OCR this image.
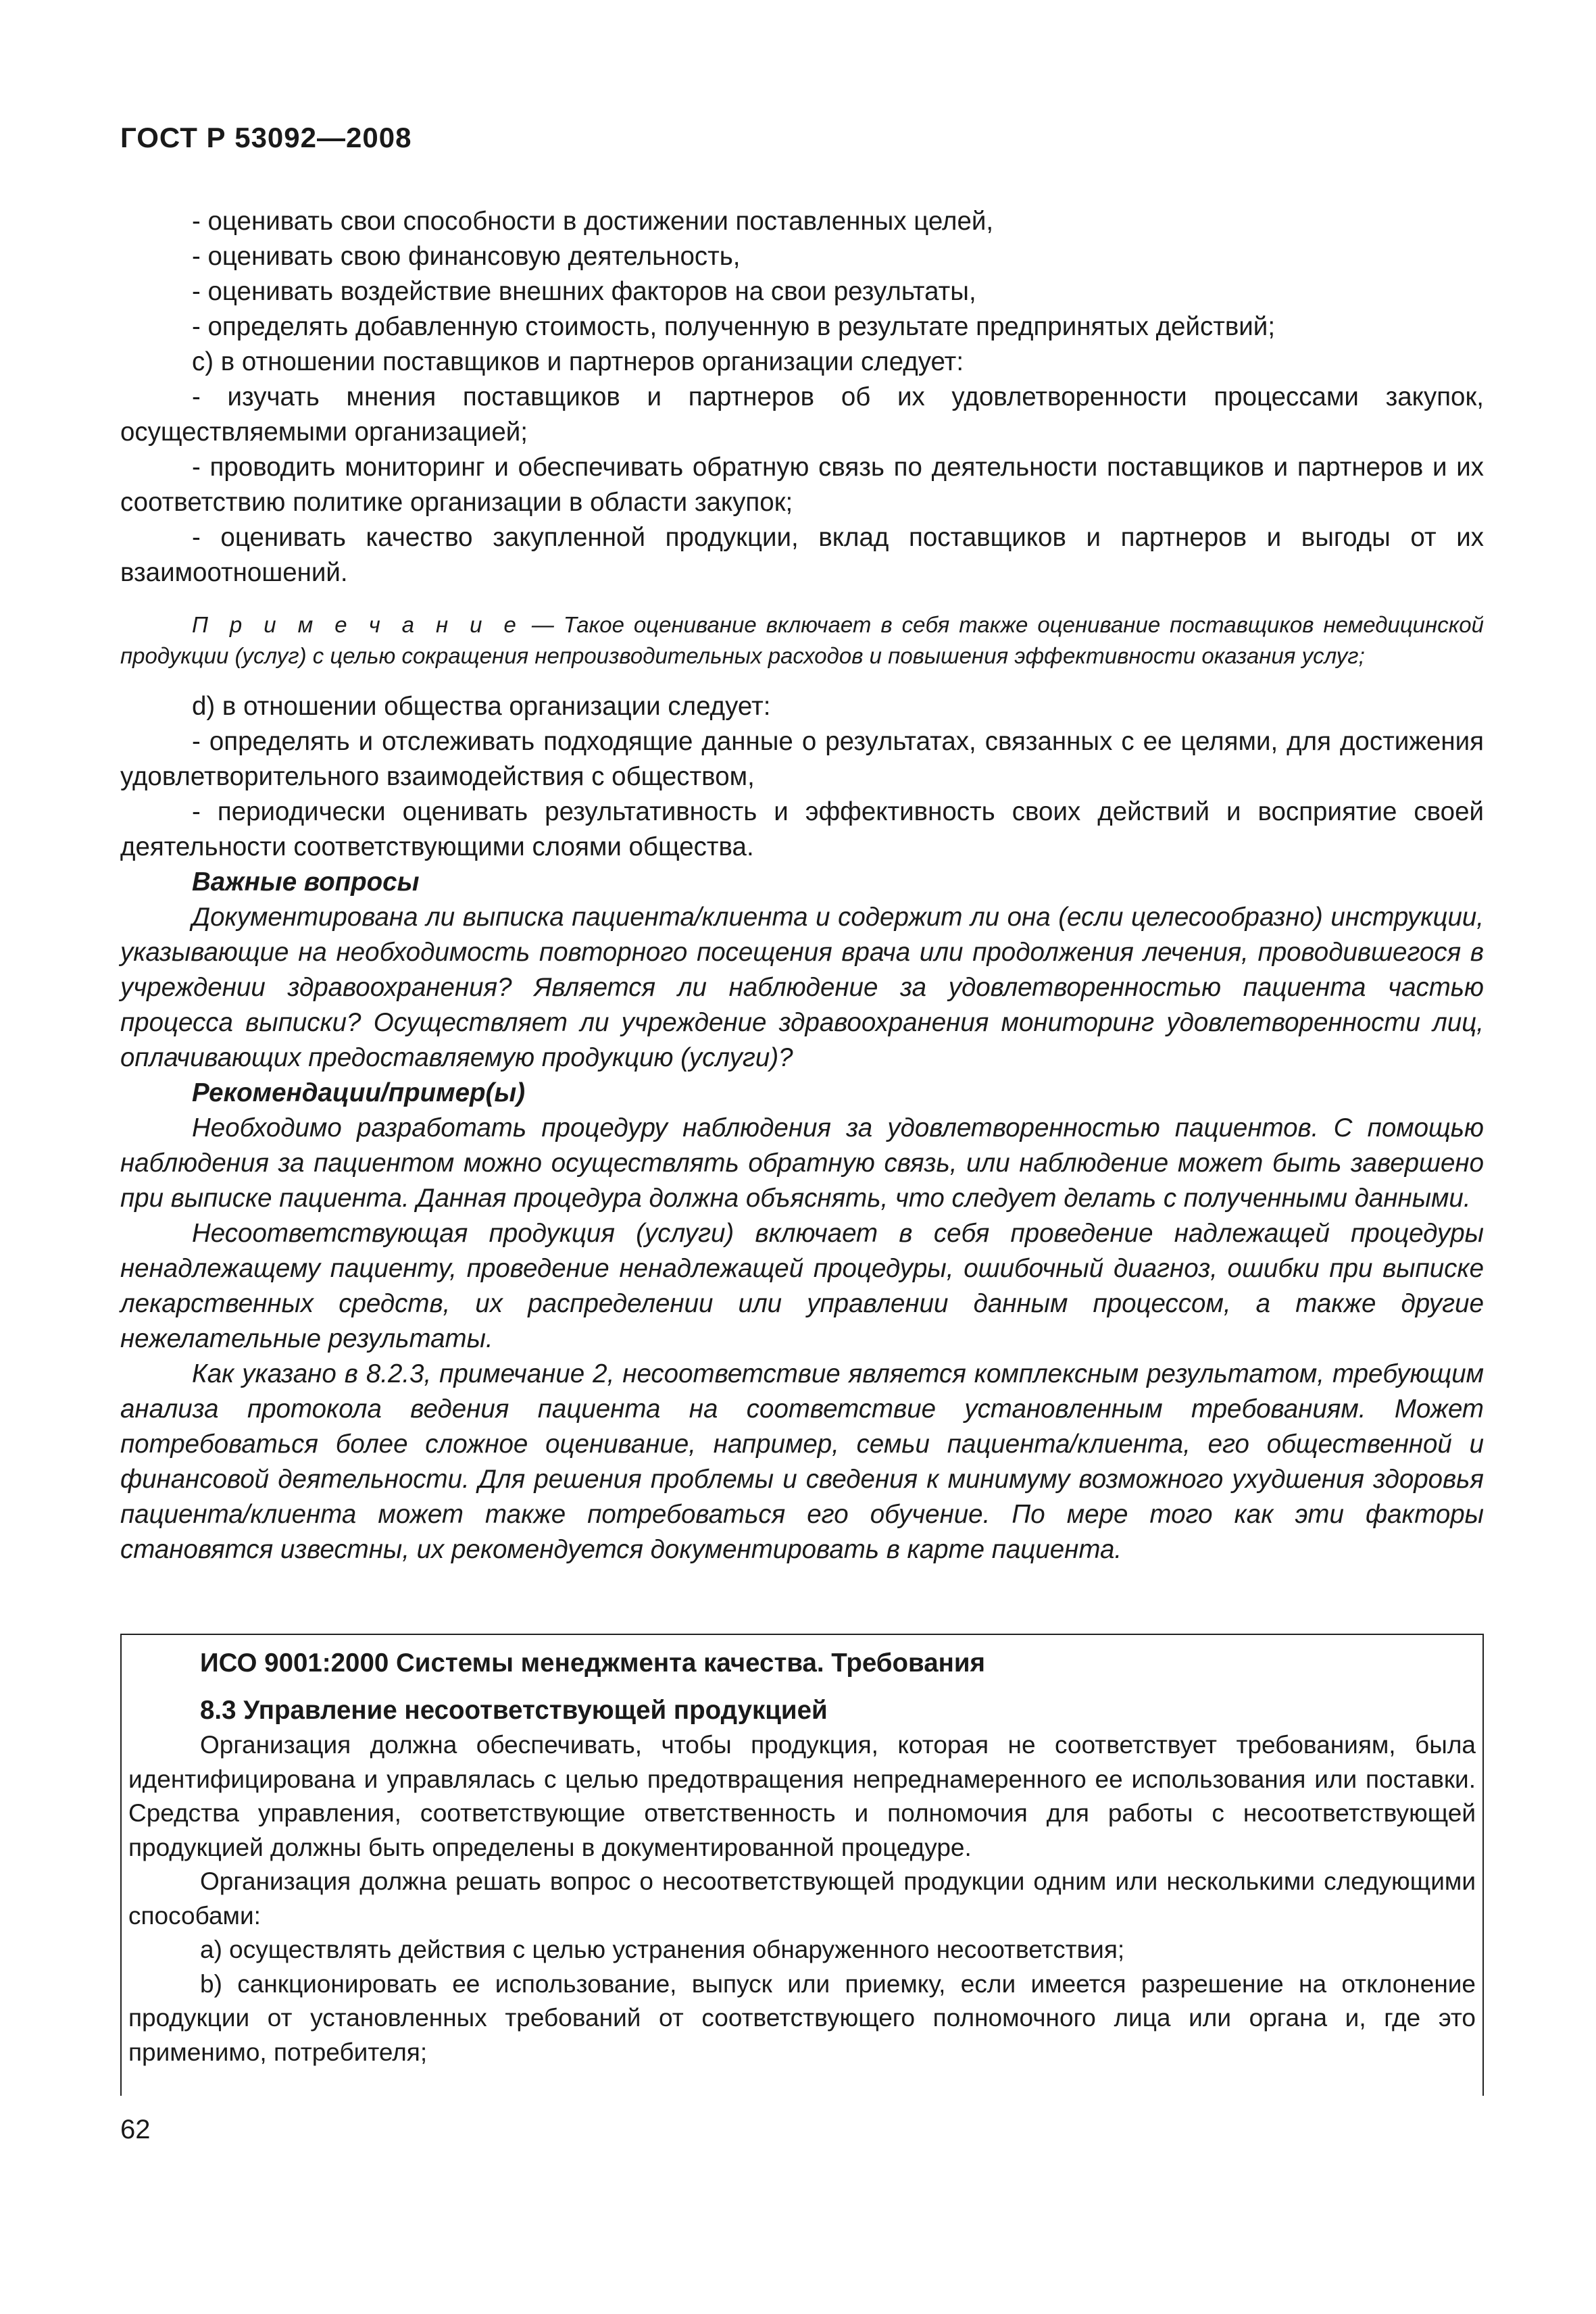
ГОСТ Р 53092—2008

- оценивать свои способности в достижении поставленных целей,

- оценивать свою финансовую деятельность,

- оценивать воздействие внешних факторов на свои результаты,

- определять добавленную стоимость, полученную в результате предпринятых действий;

c) в отношении поставщиков и партнеров организации следует:

- изучать мнения поставщиков и партнеров об их удовлетворенности процессами закупок, осуществляемыми организацией;

- проводить мониторинг и обеспечивать обратную связь по деятельности поставщиков и партнеров и их соответствию политике организации в области закупок;

- оценивать качество закупленной продукции, вклад поставщиков и партнеров и выгоды от их взаимоотношений.

П р и м е ч а н и е — Такое оценивание включает в себя также оценивание поставщиков немедицинской продукции (услуг) с целью сокращения непроизводительных расходов и повышения эффективности оказания услуг;

d) в отношении общества организации следует:

- определять и отслеживать подходящие данные о результатах, связанных с ее целями, для достижения удовлетворительного взаимодействия с обществом,

- периодически оценивать результативность и эффективность своих действий и восприятие своей деятельности соответствующими слоями общества.

Важные вопросы

Документирована ли выписка пациента/клиента и содержит ли она (если целесообразно) инструкции, указывающие на необходимость повторного посещения врача или продолжения лечения, проводившегося в учреждении здравоохранения? Является ли наблюдение за удовлетворенностью пациента частью процесса выписки? Осуществляет ли учреждение здравоохранения мониторинг удовлетворенности лиц, оплачивающих предоставляемую продукцию (услуги)?

Рекомендации/пример(ы)

Необходимо разработать процедуру наблюдения за удовлетворенностью пациентов. С помощью наблюдения за пациентом можно осуществлять обратную связь, или наблюдение может быть завершено при выписке пациента. Данная процедура должна объяснять, что следует делать с полученными данными.

Несоответствующая продукция (услуги) включает в себя проведение надлежащей процедуры ненадлежащему пациенту, проведение ненадлежащей процедуры, ошибочный диагноз, ошибки при выписке лекарственных средств, их распределении или управлении данным процессом, а также другие нежелательные результаты.

Как указано в 8.2.3, примечание 2, несоответствие является комплексным результатом, требующим анализа протокола ведения пациента на соответствие установленным требованиям. Может потребоваться более сложное оценивание, например, семьи пациента/клиента, его общественной и финансовой деятельности. Для решения проблемы и сведения к минимуму возможного ухудшения здоровья пациента/клиента может также потребоваться его обучение. По мере того как эти факторы становятся известны, их рекомендуется документировать в карте пациента.

ИСО 9001:2000 Системы менеджмента качества. Требования

8.3 Управление несоответствующей продукцией

Организация должна обеспечивать, чтобы продукция, которая не соответствует требованиям, была идентифицирована и управлялась с целью предотвращения непреднамеренного ее использования или поставки. Средства управления, соответствующие ответственность и полномочия для работы с несоответствующей продукцией должны быть определены в документированной процедуре.

Организация должна решать вопрос о несоответствующей продукции одним или несколькими следующими способами:

a) осуществлять действия с целью устранения обнаруженного несоответствия;

b) санкционировать ее использование, выпуск или приемку, если имеется разрешение на отклонение продукции от установленных требований от соответствующего полномочного лица или органа и, где это применимо, потребителя;

62
